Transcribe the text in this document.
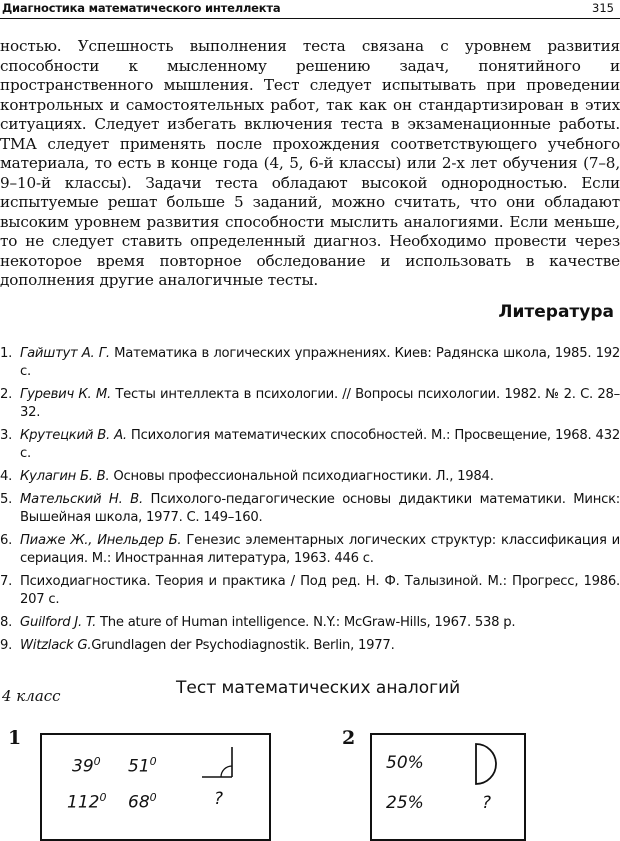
Диагностика математического интеллекта	315

ностью. Успешность выполнения теста связана с уровнем развития способности к мысленному решению задач, понятийного и пространственного мышления. Тест следует испытывать при проведении контрольных и самостоятельных работ, так как он стандартизирован в этих ситуациях. Следует избегать включения теста в экзаменационные работы. ТМА следует применять после прохождения соответствующего учебного материала, то есть в конце года (4, 5, 6-й классы) или 2-х лет обучения (7–8, 9–10-й классы). Задачи теста обладают высокой однородностью. Если испытуемые решат больше 5 заданий, можно считать, что они обладают высоким уровнем развития способности мыслить аналогиями. Если меньше, то не следует ставить определенный диагноз. Необходимо провести через некоторое время повторное обследование и использовать в качестве дополнения другие аналогичные тесты.

Литература
1. Гайштут А. Г. Математика в логических упражнениях. Киев: Радянска школа, 1985. 192 с.
2. Гуревич К. М. Тесты интеллекта в психологии. // Вопросы психологии. 1982. № 2. С. 28–32.
3. Крутецкий В. А. Психология математических способностей. М.: Просвещение, 1968. 432 с.
4. Кулагин Б. В. Основы профессиональной психодиагностики. Л., 1984.
5. Мательский Н. В. Психолого-педагогические основы дидактики математики. Минск: Вышейная школа, 1977. С. 149–160.
6. Пиаже Ж., Инельдер Б. Генезис элементарных логических структур: классификация и сериация. М.: Иностранная литература, 1963. 446 с.
7. Психодиагностика. Теория и практика / Под ред. Н. Ф. Талызиной. М.: Прогресс, 1986. 207 с.
8. Guilford J. T. The ature of Human intelligence. N.Y.: McGraw-Hills, 1967. 538 p.
9. Witzlack G.Grundlagen der Psychodiagnostik. Berlin, 1977.
4 класс	Тест математических аналогий
1
$39^0$ $51^0$
$112^0$ $68^0$	?
2
50%
25%	?
